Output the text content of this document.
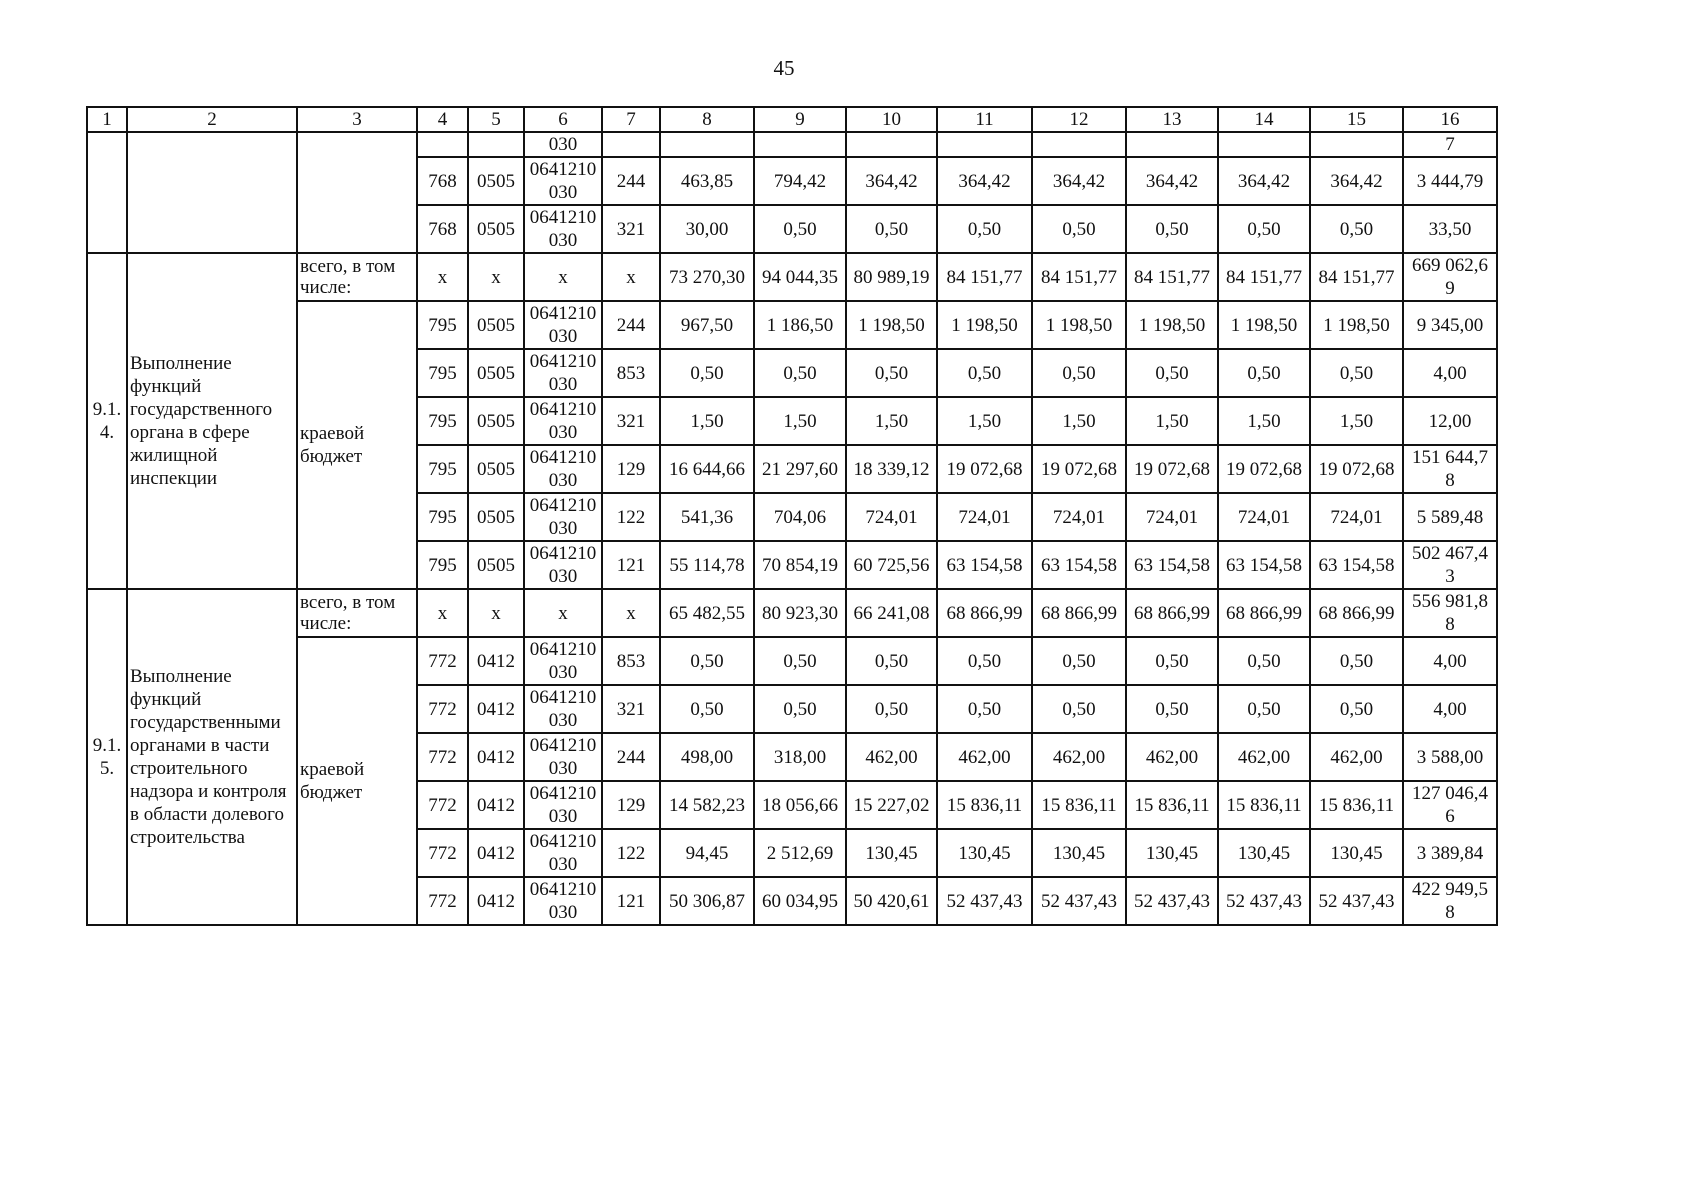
45
1	2	3	4	5	6	7	8	9	10	11	12	13	14	15	16
					030										7
			768	0505	0641210 030	244	463,85	794,42	364,42	364,42	364,42	364,42	364,42	364,42	3 444,79
			768	0505	0641210 030	321	30,00	0,50	0,50	0,50	0,50	0,50	0,50	0,50	33,50
9.1. 4.	Выполнение функций государственного органа в сфере жилищной инспекции	всего, в том числе:	х	х	х	х	73 270,30	94 044,35	80 989,19	84 151,77	84 151,77	84 151,77	84 151,77	84 151,77	669 062,6 9
		краевой бюджет	795	0505	0641210 030	244	967,50	1 186,50	1 198,50	1 198,50	1 198,50	1 198,50	1 198,50	1 198,50	9 345,00
			795	0505	0641210 030	853	0,50	0,50	0,50	0,50	0,50	0,50	0,50	0,50	4,00
			795	0505	0641210 030	321	1,50	1,50	1,50	1,50	1,50	1,50	1,50	1,50	12,00
			795	0505	0641210 030	129	16 644,66	21 297,60	18 339,12	19 072,68	19 072,68	19 072,68	19 072,68	19 072,68	151 644,7 8
			795	0505	0641210 030	122	541,36	704,06	724,01	724,01	724,01	724,01	724,01	724,01	5 589,48
			795	0505	0641210 030	121	55 114,78	70 854,19	60 725,56	63 154,58	63 154,58	63 154,58	63 154,58	63 154,58	502 467,4 3
9.1. 5.	Выполнение функций государственными органами в части строительного надзора и контроля в области долевого строительства	всего, в том числе:	х	х	х	х	65 482,55	80 923,30	66 241,08	68 866,99	68 866,99	68 866,99	68 866,99	68 866,99	556 981,8 8
		краевой бюджет	772	0412	0641210 030	853	0,50	0,50	0,50	0,50	0,50	0,50	0,50	0,50	4,00
			772	0412	0641210 030	321	0,50	0,50	0,50	0,50	0,50	0,50	0,50	0,50	4,00
			772	0412	0641210 030	244	498,00	318,00	462,00	462,00	462,00	462,00	462,00	462,00	3 588,00
			772	0412	0641210 030	129	14 582,23	18 056,66	15 227,02	15 836,11	15 836,11	15 836,11	15 836,11	15 836,11	127 046,4 6
			772	0412	0641210 030	122	94,45	2 512,69	130,45	130,45	130,45	130,45	130,45	130,45	3 389,84
			772	0412	0641210 030	121	50 306,87	60 034,95	50 420,61	52 437,43	52 437,43	52 437,43	52 437,43	52 437,43	422 949,5 8
